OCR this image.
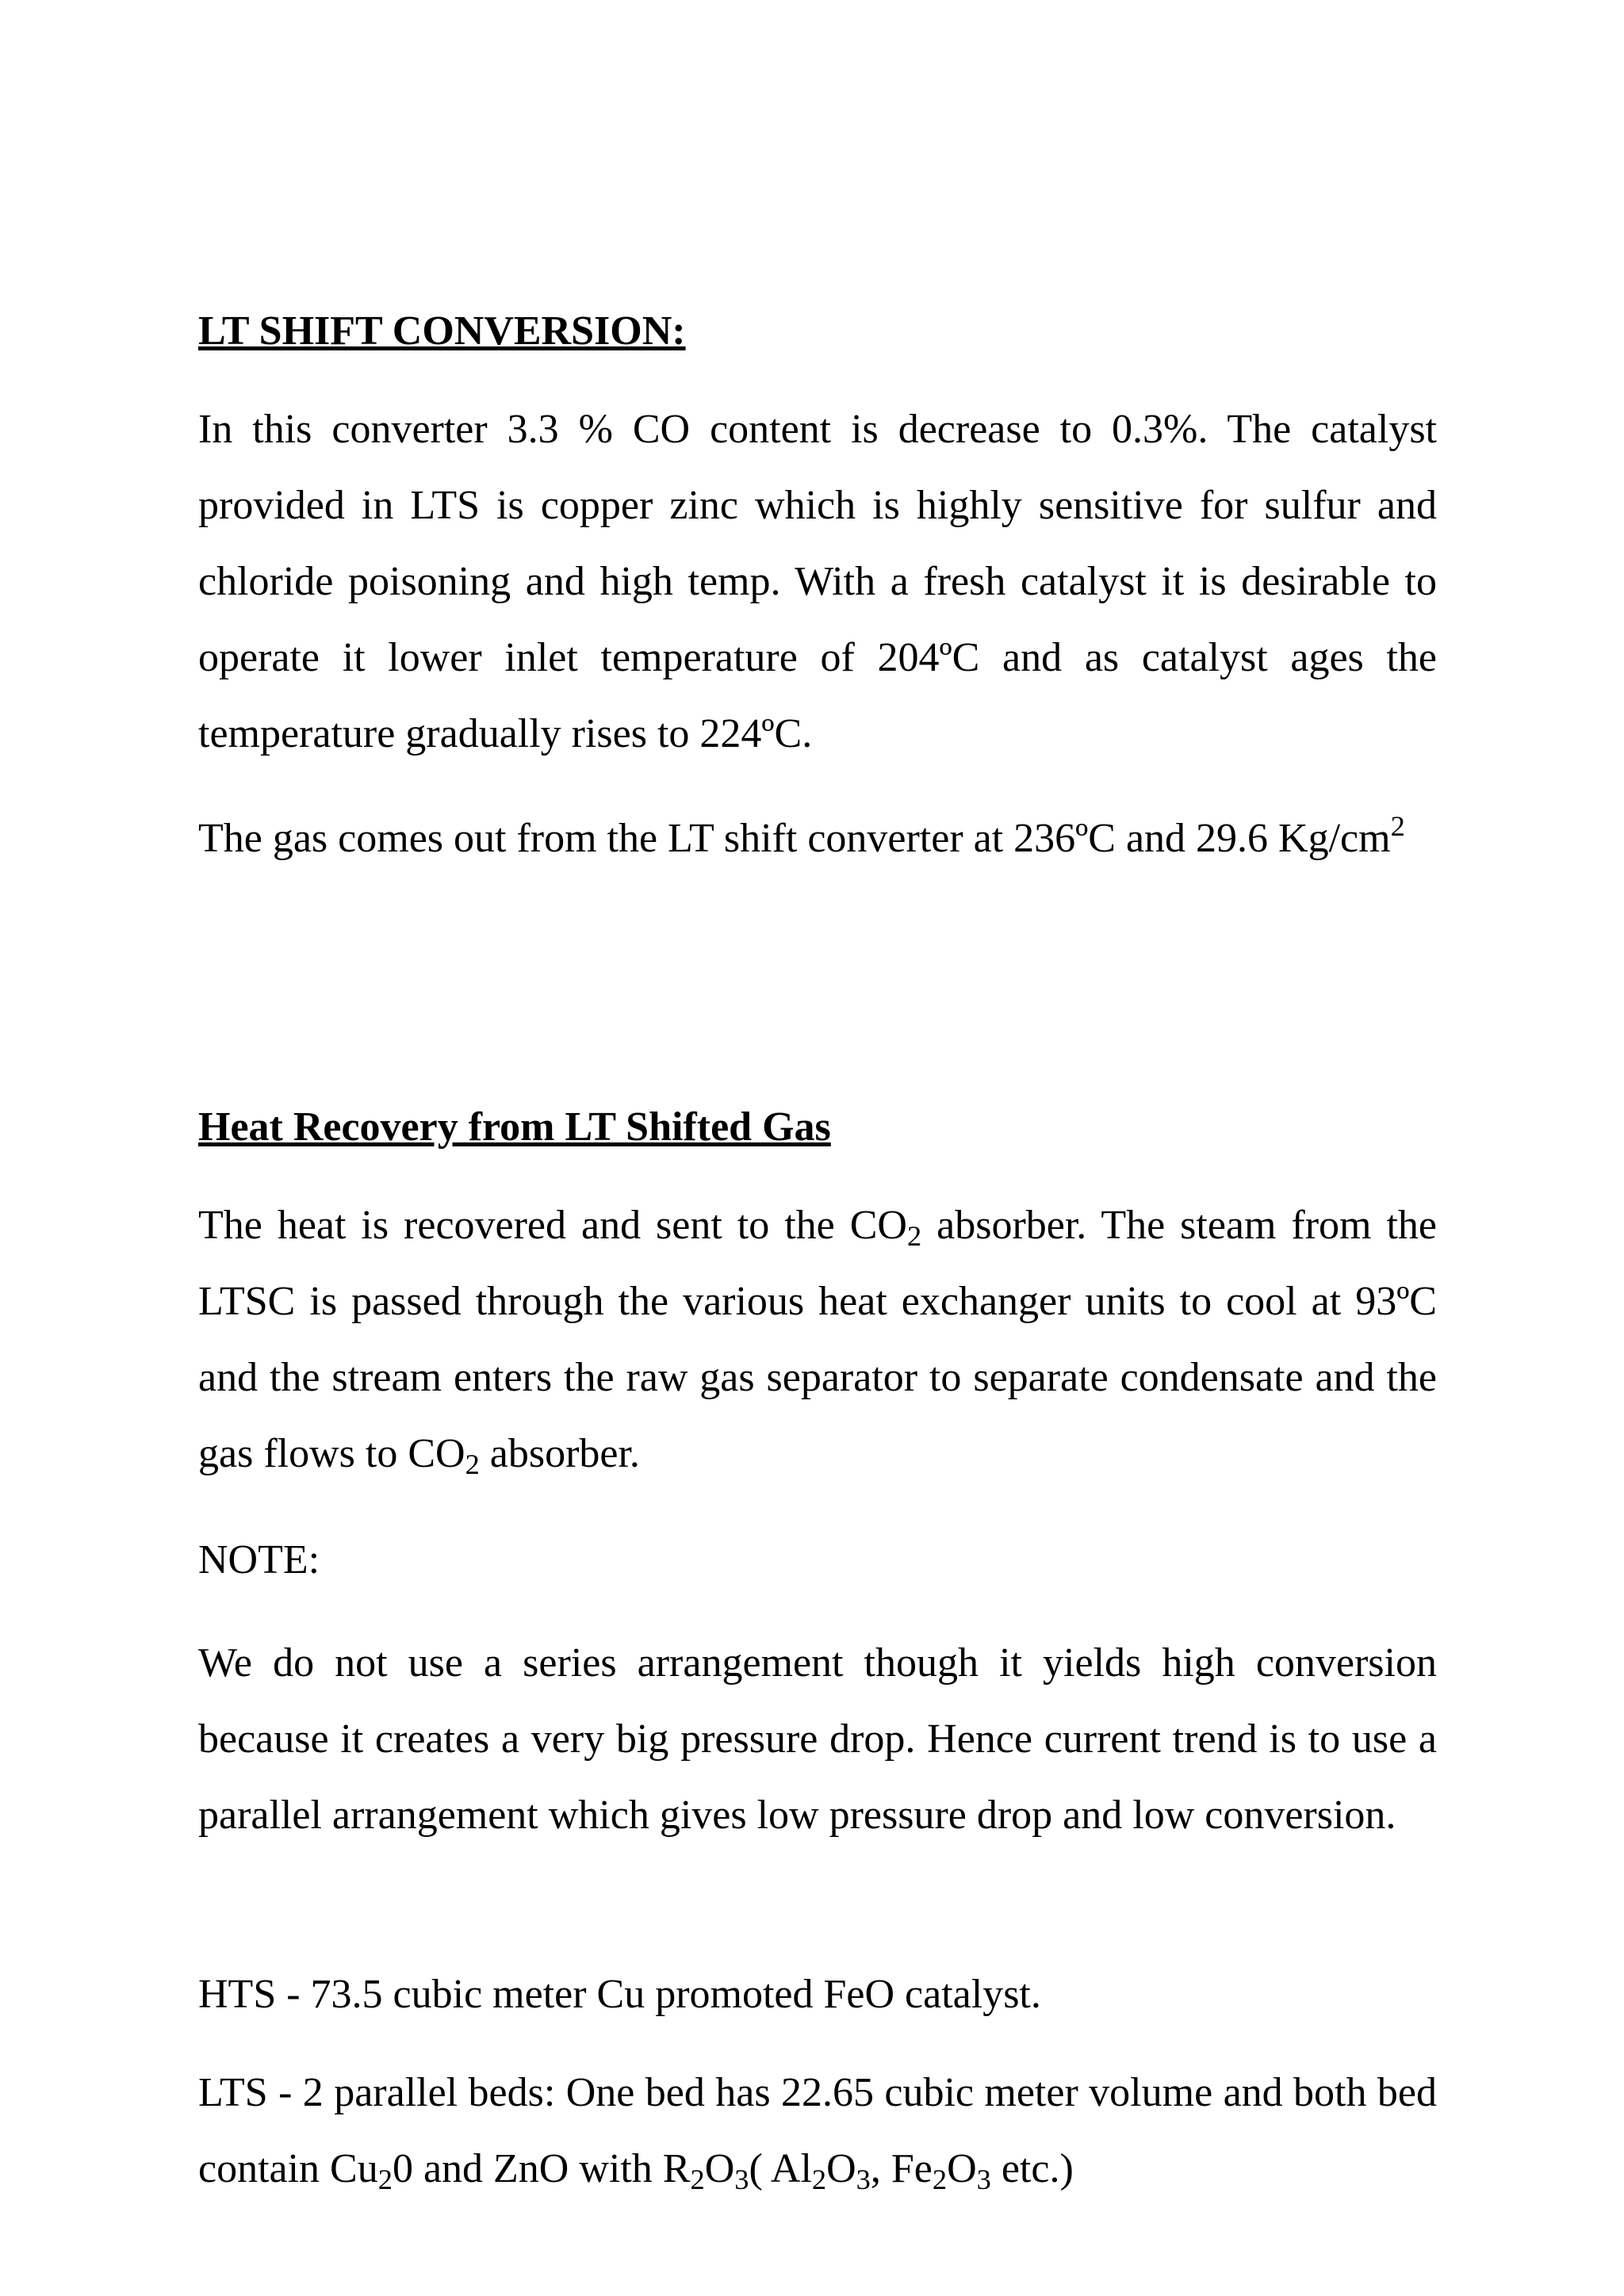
LT SHIFT CONVERSION:

In this converter 3.3 % CO content is decrease to 0.3%. The catalyst provided in LTS is copper zinc which is highly sensitive for sulfur and chloride poisoning and high temp. With a fresh catalyst it is desirable to operate it lower inlet temperature of 204ºC and as catalyst ages the temperature gradually rises to 224ºC.

The gas comes out from the LT shift converter at 236ºC and 29.6 $Kg/cm^2$

Heat Recovery from LT Shifted Gas

The heat is recovered and sent to the $CO_2$ absorber. The steam from the LTSC is passed through the various heat exchanger units to cool at 93ºC and the stream enters the raw gas separator to separate condensate and the gas flows to $CO_2$ absorber.

NOTE:

We do not use a series arrangement though it yields high conversion because it creates a very big pressure drop. Hence current trend is to use a parallel arrangement which gives low pressure drop and low conversion.

HTS - 73.5 cubic meter Cu promoted FeO catalyst.

LTS - 2 parallel beds: One bed has 22.65 cubic meter volume and both bed contain $Cu_20$ and ZnO with $R_2O_3$( $Al_2O_3$, $Fe_2O_3$ etc.)
